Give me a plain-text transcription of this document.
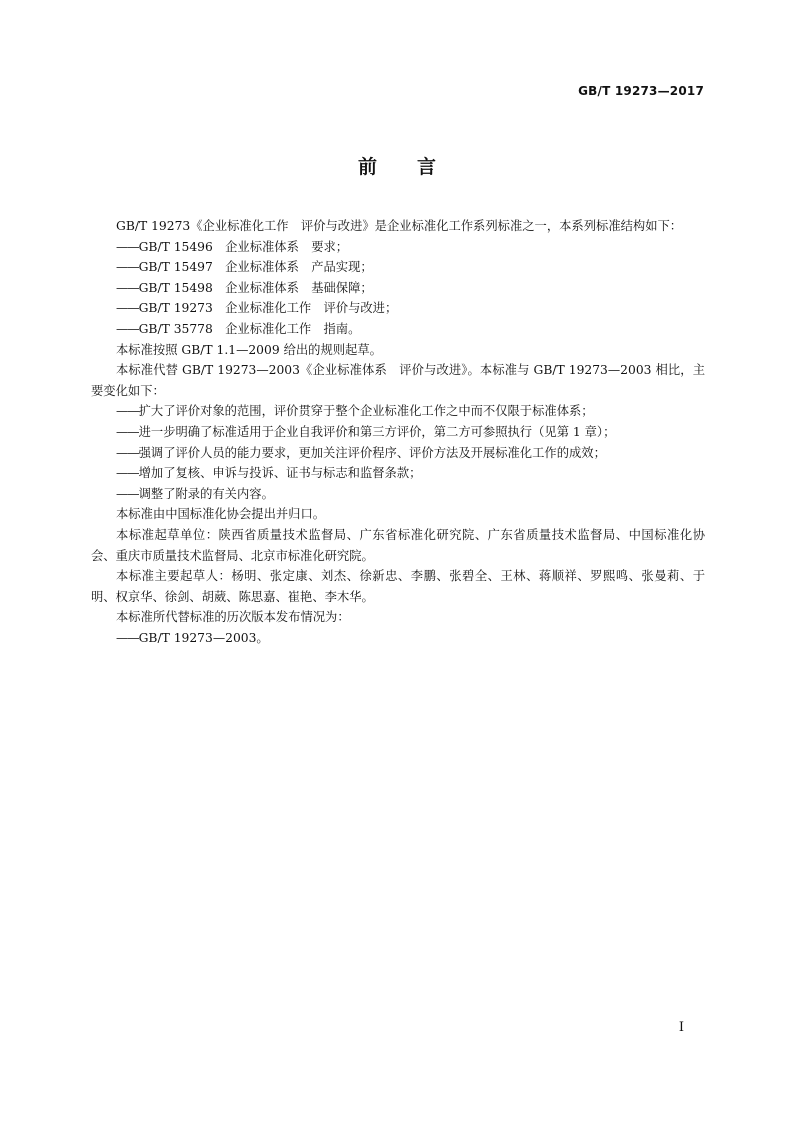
GB/T 19273—2017
前言

GB/T 19273《企业标准化工作　评价与改进》是企业标准化工作系列标准之一，本系列标准结构如下：

——GB/T 15496　企业标准体系　要求；

——GB/T 15497　企业标准体系　产品实现；

——GB/T 15498　企业标准体系　基础保障；

——GB/T 19273　企业标准化工作　评价与改进；

——GB/T 35778　企业标准化工作　指南。

本标准按照 GB/T 1.1—2009 给出的规则起草。

本标准代替 GB/T 19273—2003《企业标准体系　评价与改进》。本标准与 GB/T 19273—2003 相比，主要变化如下：

——扩大了评价对象的范围，评价贯穿于整个企业标准化工作之中而不仅限于标准体系；

——进一步明确了标准适用于企业自我评价和第三方评价，第二方可参照执行（见第 1 章）；

——强调了评价人员的能力要求，更加关注评价程序、评价方法及开展标准化工作的成效；

——增加了复核、申诉与投诉、证书与标志和监督条款；

——调整了附录的有关内容。

本标准由中国标准化协会提出并归口。

本标准起草单位：陕西省质量技术监督局、广东省标准化研究院、广东省质量技术监督局、中国标准化协会、重庆市质量技术监督局、北京市标准化研究院。

本标准主要起草人：杨明、张定康、刘杰、徐新忠、李鹏、张碧全、王林、蒋顺祥、罗熙鸣、张曼莉、于明、权京华、徐剑、胡葳、陈思嘉、崔艳、李木华。

本标准所代替标准的历次版本发布情况为：

——GB/T 19273—2003。

I
